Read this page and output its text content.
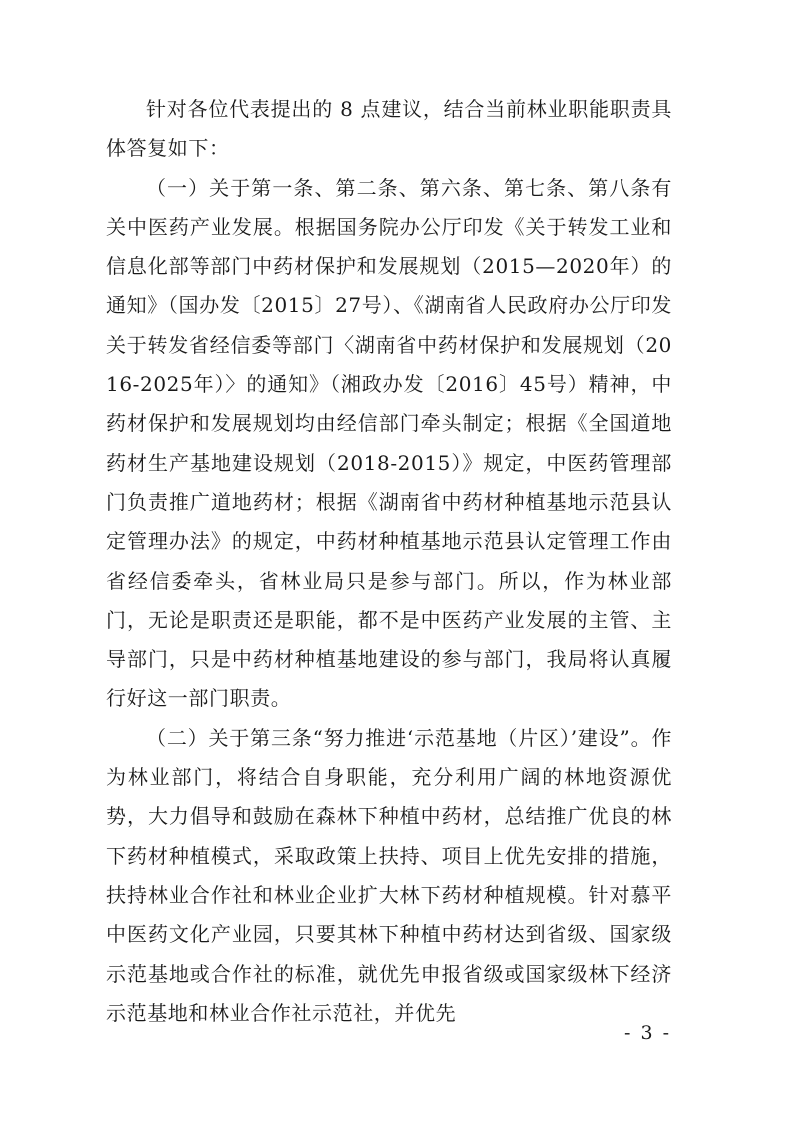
针对各位代表提出的 8 点建议，结合当前林业职能职责具体答复如下：

（一）关于第一条、第二条、第六条、第七条、第八条有关中医药产业发展。根据国务院办公厅印发《关于转发工业和信息化部等部门中药材保护和发展规划（2015—2020年）的通知》（国办发〔2015〕27号）、《湖南省人民政府办公厅印发关于转发省经信委等部门〈湖南省中药材保护和发展规划（2016-2025年）〉的通知》（湘政办发〔2016〕45号）精神，中药材保护和发展规划均由经信部门牵头制定；根据《全国道地药材生产基地建设规划（2018-2015）》规定，中医药管理部门负责推广道地药材；根据《湖南省中药材种植基地示范县认定管理办法》的规定，中药材种植基地示范县认定管理工作由省经信委牵头，省林业局只是参与部门。所以，作为林业部门，无论是职责还是职能，都不是中医药产业发展的主管、主导部门，只是中药材种植基地建设的参与部门，我局将认真履行好这一部门职责。

（二）关于第三条“努力推进‘示范基地（片区）’建设”。作为林业部门，将结合自身职能，充分利用广阔的林地资源优势，大力倡导和鼓励在森林下种植中药材，总结推广优良的林下药材种植模式，采取政策上扶持、项目上优先安排的措施，扶持林业合作社和林业企业扩大林下药材种植规模。针对慕平中医药文化产业园，只要其林下种植中药材达到省级、国家级示范基地或合作社的标准，就优先申报省级或国家级林下经济示范基地和林业合作社示范社，并优先

- 3 -
